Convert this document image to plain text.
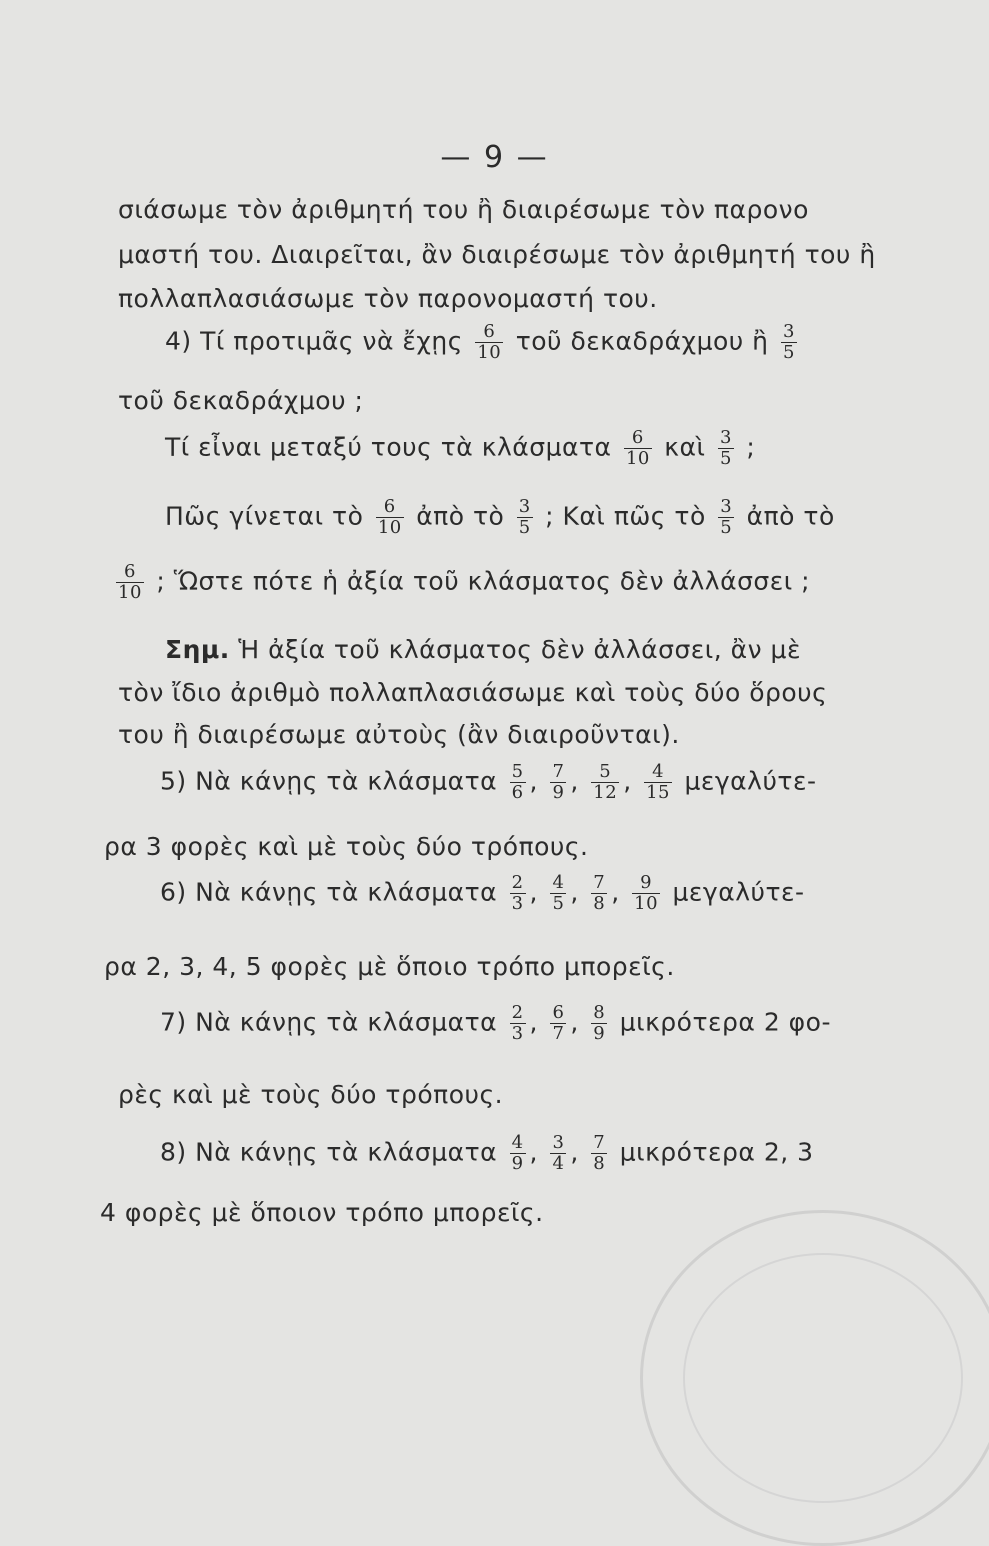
— 9 —
σιάσωμε τὸν ἀριθμητή του ἢ διαιρέσωμε τὸν παρονο
μαστή του. Διαιρεῖται, ἂν διαιρέσωμε τὸν ἀριθμητή του ἢ
πολλαπλασιάσωμε τὸν παρονομαστή του.
4) Τί προτιμᾶς νὰ ἔχῃς $\frac{6}{10}$ τοῦ δεκαδράχμου ἢ $\frac{3}{5}$
τοῦ δεκαδράχμου ;
Τί εἶναι μεταξύ τους τὰ κλάσματα $\frac{6}{10}$ καὶ $\frac{3}{5}$ ;
Πῶς γίνεται τὸ $\frac{6}{10}$ ἀπὸ τὸ $\frac{3}{5}$ ; Καὶ πῶς τὸ $\frac{3}{5}$ ἀπὸ τὸ
$\frac{6}{10}$ ; Ὥστε πότε ἡ ἀξία τοῦ κλάσματος δὲν ἀλλάσσει ;
Σημ. Ἡ ἀξία τοῦ κλάσματος δὲν ἀλλάσσει, ἂν μὲ
τὸν ἴδιο ἀριθμὸ πολλαπλασιάσωμε καὶ τοὺς δύο ὅρους
του ἢ διαιρέσωμε αὐτοὺς (ἂν διαιροῦνται).
5) Νὰ κάνῃς τὰ κλάσματα $\frac{5}{6}$ , $\frac{7}{9}$ , $\frac{5}{12}$ , $\frac{4}{15} \mu\varepsilon\gamma\alpha\lambda ύ\tau\varepsilon-$
ρα 3 φορὲς καὶ μὲ τοὺς δύο τρόπους.
6) Νὰ κάνῃς τὰ κλάσματα $\frac{2}{3}$ , $\frac{4}{5}$ , $\frac{7}{8}$ , $\frac{9}{10} \mu\varepsilon\gamma\alpha\lambda ύ\tau\varepsilon-$
ρα 2, 3, 4, 5 φορὲς μὲ ὅποιο τρόπο μπορεῖς.
7) Νὰ κάνῃς τὰ κλάσματα $\frac{2}{3}$ , $\frac{6}{7}$ , $\frac{8}{9}$ μικρότερα 2 φο-
ρὲς καὶ μὲ τοὺς δύο τρόπους.
8) Νὰ κάνῃς τὰ κλάσματα $\frac{4}{9}$ , $\frac{3}{4}$ , $\frac{7}{8}$ μικρότερα 2, 3
4 φορὲς μὲ ὅποιον τρόπο μπορεῖς.
